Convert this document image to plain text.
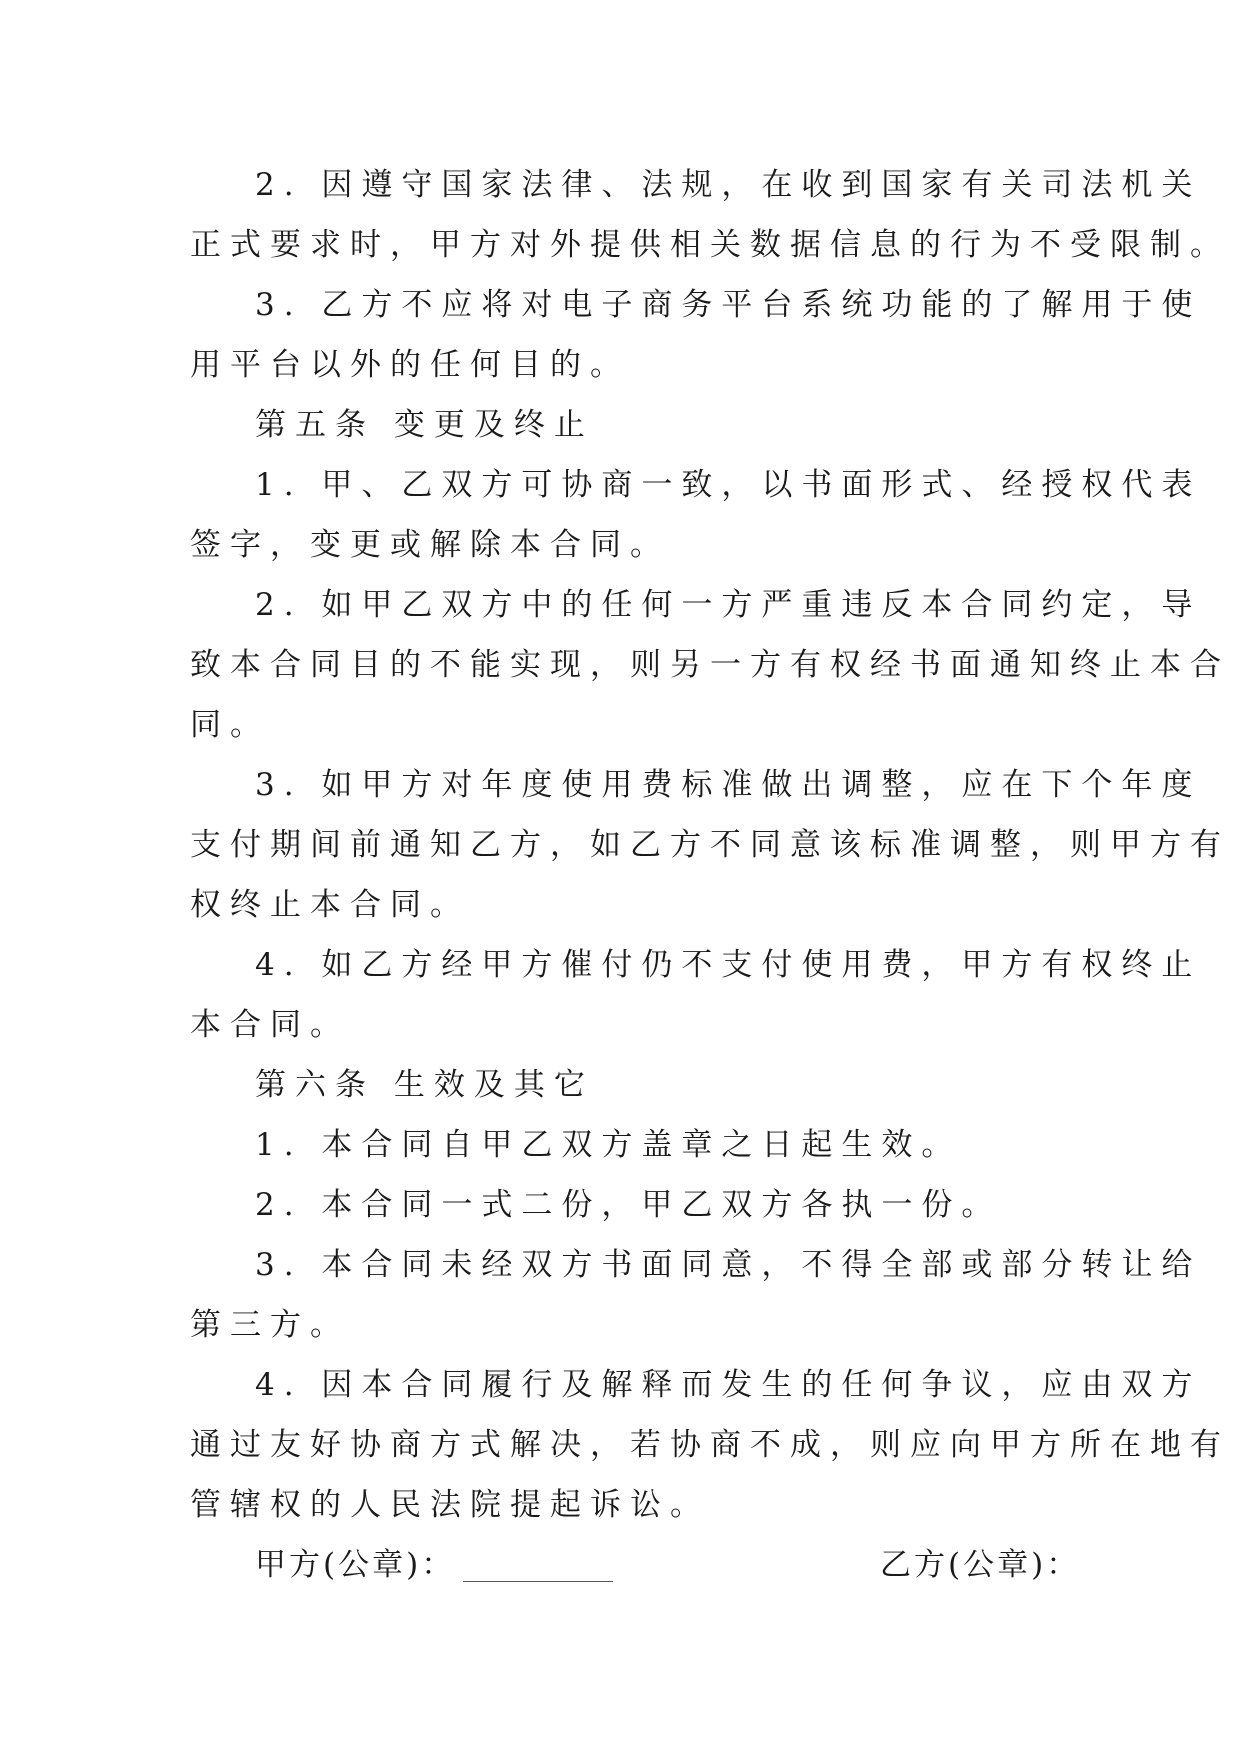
2. 因遵守国家法律、法规，在收到国家有关司法机关
正式要求时，甲方对外提供相关数据信息的行为不受限制。
3. 乙方不应将对电子商务平台系统功能的了解用于使
用平台以外的任何目的。
第五条 变更及终止
1. 甲、乙双方可协商一致，以书面形式、经授权代表
签字，变更或解除本合同。
2. 如甲乙双方中的任何一方严重违反本合同约定，导
致本合同目的不能实现，则另一方有权经书面通知终止本合
同。
3. 如甲方对年度使用费标准做出调整，应在下个年度
支付期间前通知乙方，如乙方不同意该标准调整，则甲方有
权终止本合同。
4. 如乙方经甲方催付仍不支付使用费，甲方有权终止
本合同。
第六条 生效及其它
1. 本合同自甲乙双方盖章之日起生效。
2. 本合同一式二份，甲乙双方各执一份。
3. 本合同未经双方书面同意，不得全部或部分转让给
第三方。
4. 因本合同履行及解释而发生的任何争议，应由双方
通过友好协商方式解决，若协商不成，则应向甲方所在地有
管辖权的人民法院提起诉讼。
甲方(公章)：	乙方(公章)：
